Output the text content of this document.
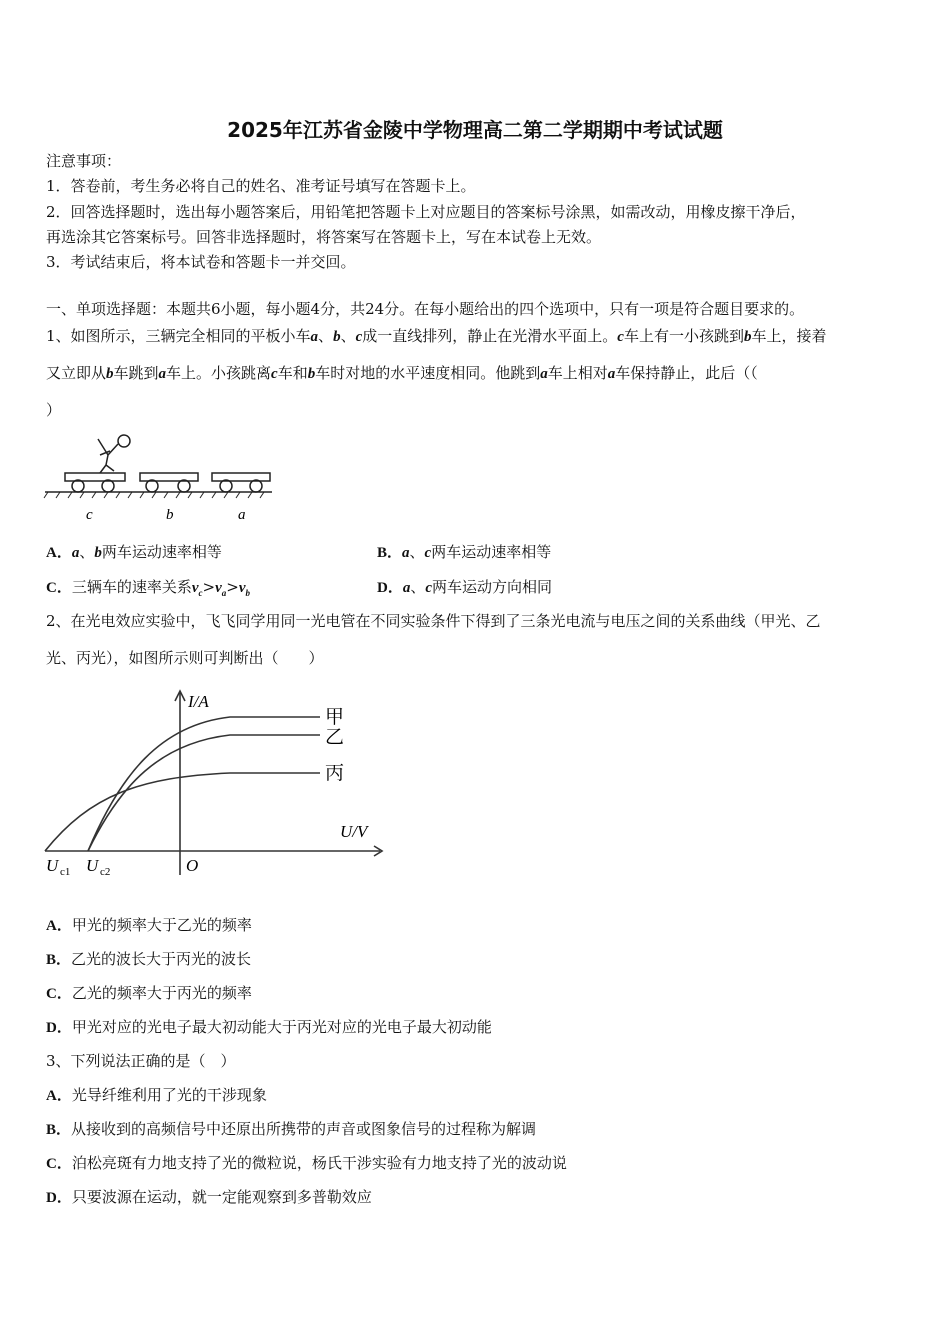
2025年江苏省金陵中学物理高二第二学期期中考试试题
注意事项：
1．答卷前，考生务必将自己的姓名、准考证号填写在答题卡上。
2．回答选择题时，选出每小题答案后，用铅笔把答题卡上对应题目的答案标号涂黑，如需改动，用橡皮擦干净后，
再选涂其它答案标号。回答非选择题时，将答案写在答题卡上，写在本试卷上无效。
3．考试结束后，将本试卷和答题卡一并交回。
一、单项选择题：本题共6小题，每小题4分，共24分。在每小题给出的四个选项中，只有一项是符合题目要求的。
1、如图所示，三辆完全相同的平板小车a、b、c成一直线排列，静止在光滑水平面上。c车上有一小孩跳到b车上，接着
又立即从b车跳到a车上。小孩跳离c车和b车时对地的水平速度相同。他跳到a车上相对a车保持静止，此后（（
）
c	b	a
A．a、b两车运动速率相等	B．a、c两车运动速率相等
C．三辆车的速率关系$v_c>v_a>v_b$	D．a、c两车运动方向相同
2、在光电效应实验中，飞飞同学用同一光电管在不同实验条件下得到了三条光电流与电压之间的关系曲线（甲光、乙
光、丙光），如图所示则可判断出（　　）
I/A
U/V
O
U c1 U c2
甲
乙
丙
A．甲光的频率大于乙光的频率
B．乙光的波长大于丙光的波长
C．乙光的频率大于丙光的频率
D．甲光对应的光电子最大初动能大于丙光对应的光电子最大初动能
3、下列说法正确的是（　）
A．光导纤维利用了光的干涉现象
B．从接收到的高频信号中还原出所携带的声音或图象信号的过程称为解调
C．泊松亮斑有力地支持了光的微粒说，杨氏干涉实验有力地支持了光的波动说
D．只要波源在运动，就一定能观察到多普勒效应
